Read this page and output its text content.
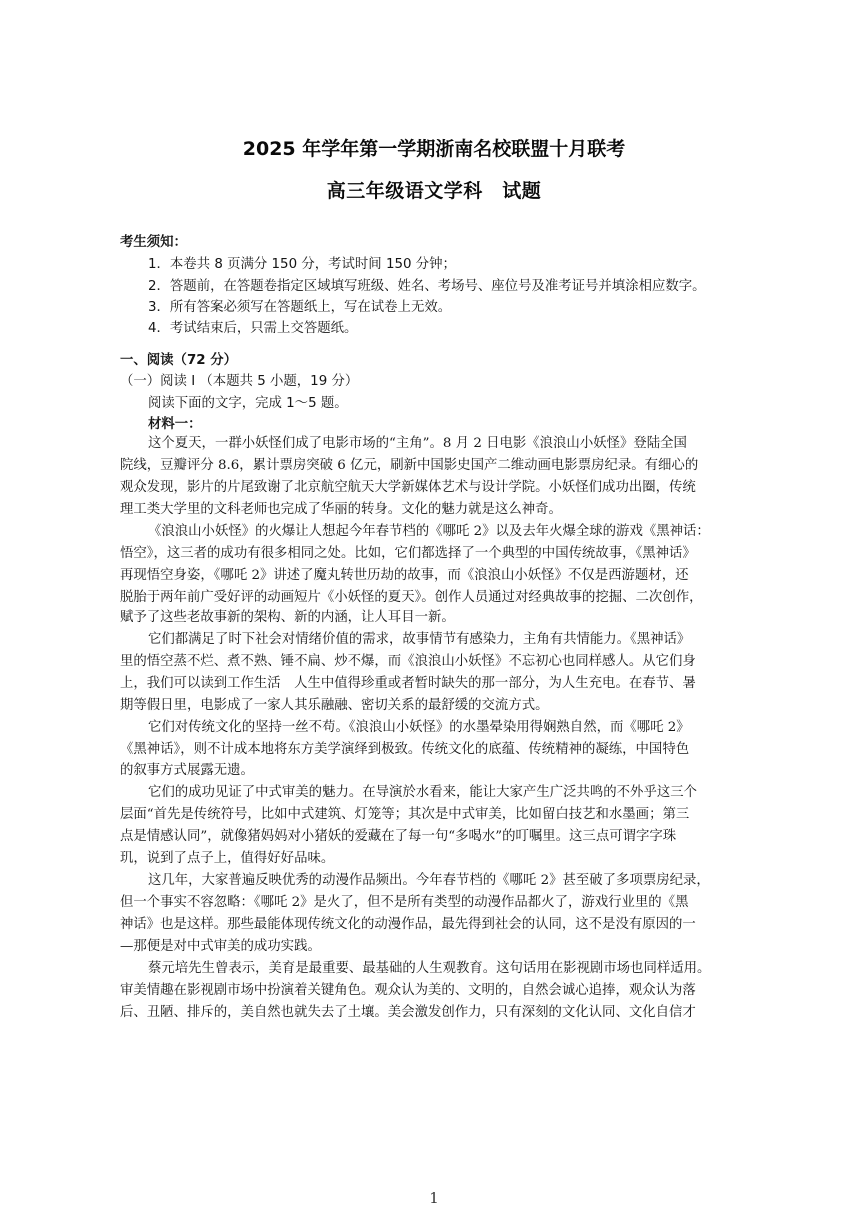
2025 年学年第一学期浙南名校联盟十月联考
高三年级语文学科　试题
考生须知：
1．本卷共 8 页满分 150 分，考试时间 150 分钟；
2．答题前，在答题卷指定区域填写班级、姓名、考场号、座位号及准考证号并填涂相应数字。
3．所有答案必须写在答题纸上，写在试卷上无效。
4．考试结束后，只需上交答题纸。
一、阅读（72 分）
（一）阅读 I （本题共 5 小题，19 分）
阅读下面的文字，完成 1～5 题。
材料一：
这个夏天，一群小妖怪们成了电影市场的“主角”。8 月 2 日电影《浪浪山小妖怪》登陆全国
院线，豆瓣评分 8.6，累计票房突破 6 亿元，刷新中国影史国产二维动画电影票房纪录。有细心的
观众发现，影片的片尾致谢了北京航空航天大学新媒体艺术与设计学院。小妖怪们成功出圈，传统
理工类大学里的文科老师也完成了华丽的转身。文化的魅力就是这么神奇。
《浪浪山小妖怪》的火爆让人想起今年春节档的《哪吒 2》以及去年火爆全球的游戏《黑神话：
悟空》，这三者的成功有很多相同之处。比如，它们都选择了一个典型的中国传统故事，《黑神话》
再现悟空身姿，《哪吒 2》讲述了魔丸转世历劫的故事，而《浪浪山小妖怪》不仅是西游题材，还
脱胎于两年前广受好评的动画短片《小妖怪的夏天》。创作人员通过对经典故事的挖掘、二次创作，
赋予了这些老故事新的架构、新的内涵，让人耳目一新。
它们都满足了时下社会对情绪价值的需求，故事情节有感染力，主角有共情能力。《黑神话》
里的悟空蒸不烂、煮不熟、锤不扁、炒不爆，而《浪浪山小妖怪》不忘初心也同样感人。从它们身
上，我们可以读到工作生活　人生中值得珍重或者暂时缺失的那一部分，为人生充电。在春节、暑
期等假日里，电影成了一家人其乐融融、密切关系的最舒缓的交流方式。
它们对传统文化的坚持一丝不苟。《浪浪山小妖怪》的水墨晕染用得娴熟自然，而《哪吒 2》
《黑神话》，则不计成本地将东方美学演绎到极致。传统文化的底蕴、传统精神的凝练，中国特色
的叙事方式展露无遗。
它们的成功见证了中式审美的魅力。在导演於水看来，能让大家产生广泛共鸣的不外乎这三个
层面“首先是传统符号，比如中式建筑、灯笼等；其次是中式审美，比如留白技艺和水墨画；第三
点是情感认同”，就像猪妈妈对小猪妖的爱藏在了每一句“多喝水”的叮嘱里。这三点可谓字字珠
玑，说到了点子上，值得好好品味。
这几年，大家普遍反映优秀的动漫作品频出。今年春节档的《哪吒 2》甚至破了多项票房纪录，
但一个事实不容忽略：《哪吒 2》是火了，但不是所有类型的动漫作品都火了，游戏行业里的《黑
神话》也是这样。那些最能体现传统文化的动漫作品，最先得到社会的认同，这不是没有原因的一
—那便是对中式审美的成功实践。
蔡元培先生曾表示，美育是最重要、最基础的人生观教育。这句话用在影视剧市场也同样适用。
审美情趣在影视剧市场中扮演着关键角色。观众认为美的、文明的，自然会诚心追捧，观众认为落
后、丑陋、排斥的，美自然也就失去了土壤。美会激发创作力，只有深刻的文化认同、文化自信才
1
